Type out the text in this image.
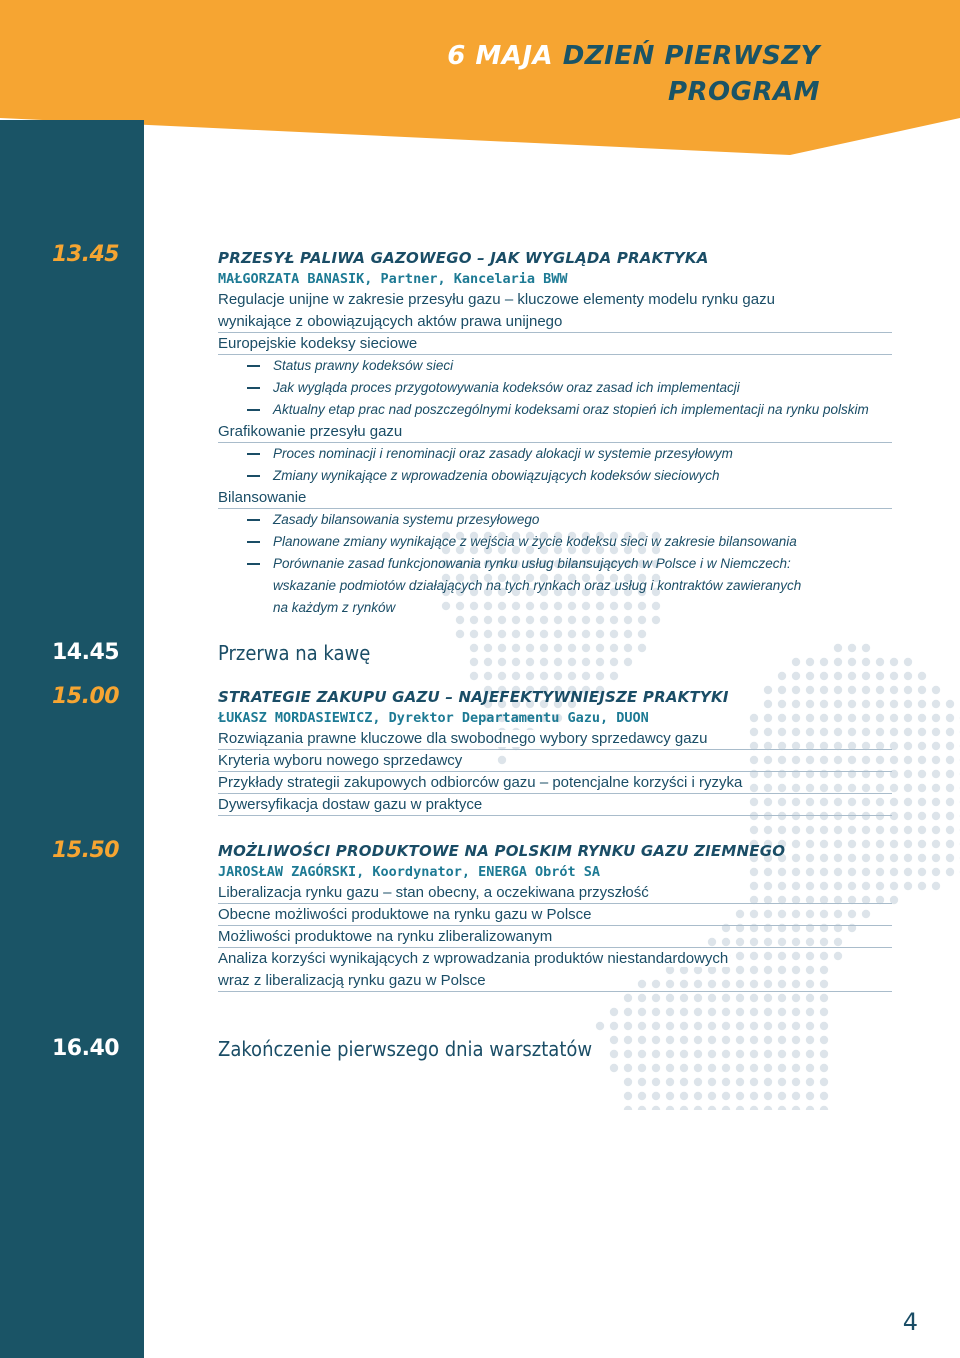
6 MAJA DZIEŃ PIERWSZY
PROGRAM
13.45
14.45
15.00
15.50
16.40
PRZESYŁ PALIWA GAZOWEGO – JAK WYGLĄDA PRAKTYKA
MAŁGORZATA BANASIK, Partner, Kancelaria BWW
Regulacje unijne w zakresie przesyłu gazu – kluczowe elementy modelu rynku gazu
wynikające z obowiązujących aktów prawa unijnego
Europejskie kodeksy sieciowe
Status prawny kodeksów sieci
Jak wygląda proces przygotowywania kodeksów oraz zasad ich implementacji
Aktualny etap prac nad poszczególnymi kodeksami oraz stopień ich implementacji na rynku polskim
Grafikowanie przesyłu gazu
Proces nominacji i renominacji oraz zasady alokacji w systemie przesyłowym
Zmiany wynikające z wprowadzenia obowiązujących kodeksów sieciowych
Bilansowanie
Zasady bilansowania systemu przesyłowego
Planowane zmiany wynikające z wejścia w życie kodeksu sieci w zakresie bilansowania
Porównanie zasad funkcjonowania rynku usług bilansujących w Polsce i w Niemczech:
wskazanie podmiotów działających na tych rynkach oraz usług i kontraktów zawieranych
na każdym z rynków
Przerwa na kawę
STRATEGIE ZAKUPU GAZU – NAJEFEKTYWNIEJSZE PRAKTYKI
ŁUKASZ MORDASIEWICZ, Dyrektor Departamentu Gazu, DUON
Rozwiązania prawne kluczowe dla swobodnego wybory sprzedawcy gazu
Kryteria wyboru nowego sprzedawcy
Przykłady strategii zakupowych odbiorców gazu – potencjalne korzyści i ryzyka
Dywersyfikacja dostaw gazu w praktyce
MOŻLIWOŚCI PRODUKTOWE NA POLSKIM RYNKU GAZU ZIEMNEGO
JAROSŁAW ZAGÓRSKI, Koordynator, ENERGA Obrót SA
Liberalizacja rynku gazu – stan obecny, a oczekiwana przyszłość
Obecne możliwości produktowe na rynku gazu w Polsce
Możliwości produktowe na rynku zliberalizowanym
Analiza korzyści wynikających z wprowadzania produktów niestandardowych
wraz z liberalizacją rynku gazu w Polsce
Zakończenie pierwszego dnia warsztatów
4
